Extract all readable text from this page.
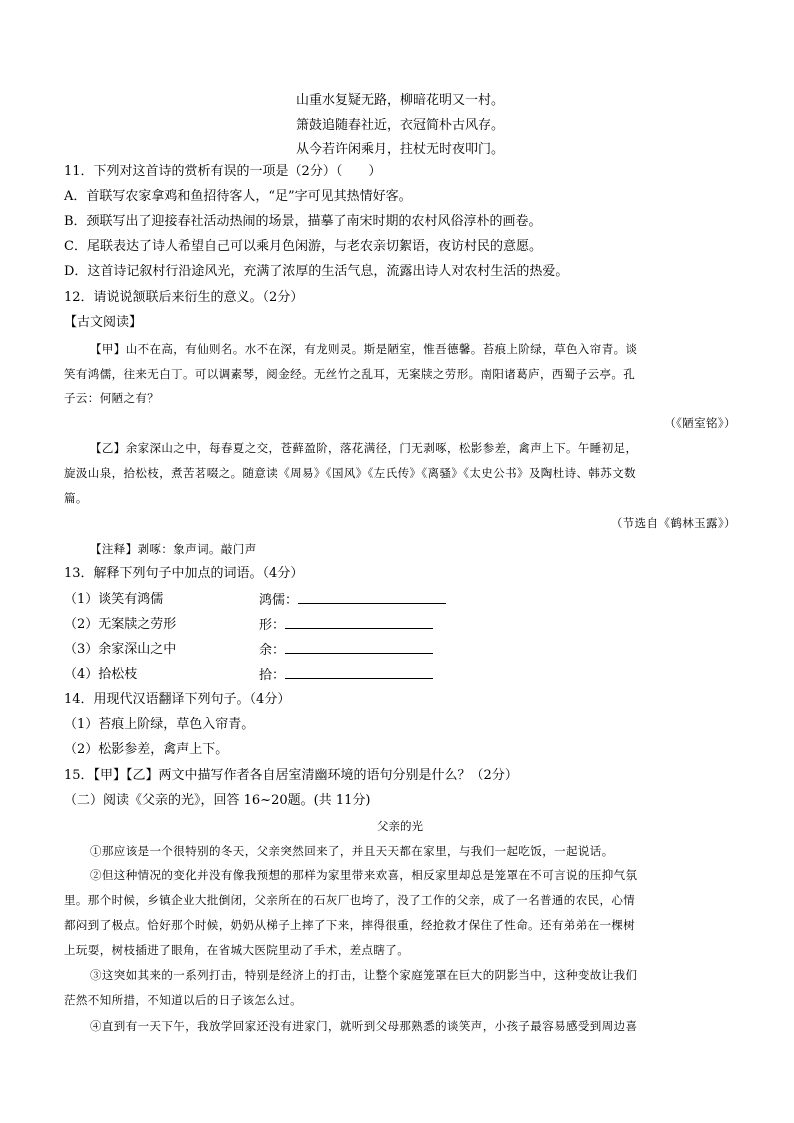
山重水复疑无路，柳暗花明又一村。
箫鼓追随春社近，衣冠简朴古风存。
从今若许闲乘月，拄杖无时夜叩门。
11．下列对这首诗的赏析有误的一项是（2分）（　　）
A．首联写农家拿鸡和鱼招待客人，“足”字可见其热情好客。
B．颈联写出了迎接春社活动热闹的场景，描摹了南宋时期的农村风俗淳朴的画卷。
C．尾联表达了诗人希望自己可以乘月色闲游，与老农亲切絮语，夜访村民的意愿。
D．这首诗记叙村行沿途风光，充满了浓厚的生活气息，流露出诗人对农村生活的热爱。
12．请说说颔联后来衍生的意义。（2分）
【古文阅读】
【甲】山不在高，有仙则名。水不在深，有龙则灵。斯是陋室，惟吾德馨。苔痕上阶绿，草色入帘青。谈
笑有鸿儒，往来无白丁。可以调素琴，阅金经。无丝竹之乱耳，无案牍之劳形。南阳诸葛庐，西蜀子云亭。孔
子云：何陋之有？
（《陋室铭》）
【乙】余家深山之中，每春夏之交，苍藓盈阶，落花满径，门无剥啄，松影参差，禽声上下。午睡初足，
旋汲山泉，拾松枝，煮苦茗啜之。随意读《周易》《国风》《左氏传》《离骚》《太史公书》及陶杜诗、韩苏文数
篇。
（节选自《鹤林玉露》）
【注释】剥啄：象声词。敲门声
13．解释下列句子中加点的词语。（4分）
（1）谈笑有鸿儒	鸿儒：
（2）无案牍之劳形	形：
（3）余家深山之中	余：
（4）拾松枝	拾：
14．用现代汉语翻译下列句子。（4分）
（1）苔痕上阶绿，草色入帘青。
（2）松影参差，禽声上下。
15．【甲】【乙】两文中描写作者各自居室清幽环境的语句分别是什么？（2分）
（二）阅读《父亲的光》，回答 16~20题。(共 11分)
父亲的光
①那应该是一个很特别的冬天，父亲突然回来了，并且天天都在家里，与我们一起吃饭，一起说话。
②但这种情况的变化并没有像我预想的那样为家里带来欢喜，相反家里却总是笼罩在不可言说的压抑气氛
里。那个时候，乡镇企业大批倒闭，父亲所在的石灰厂也垮了，没了工作的父亲，成了一名普通的农民，心情
都闷到了极点。恰好那个时候，奶奶从梯子上摔了下来，摔得很重，经抢救才保住了性命。还有弟弟在一棵树
上玩耍，树枝插进了眼角，在省城大医院里动了手术，差点瞎了。
③这突如其来的一系列打击，特别是经济上的打击，让整个家庭笼罩在巨大的阴影当中，这种变故让我们
茫然不知所措，不知道以后的日子该怎么过。
④直到有一天下午，我放学回家还没有进家门，就听到父母那熟悉的谈笑声，小孩子最容易感受到周边喜
